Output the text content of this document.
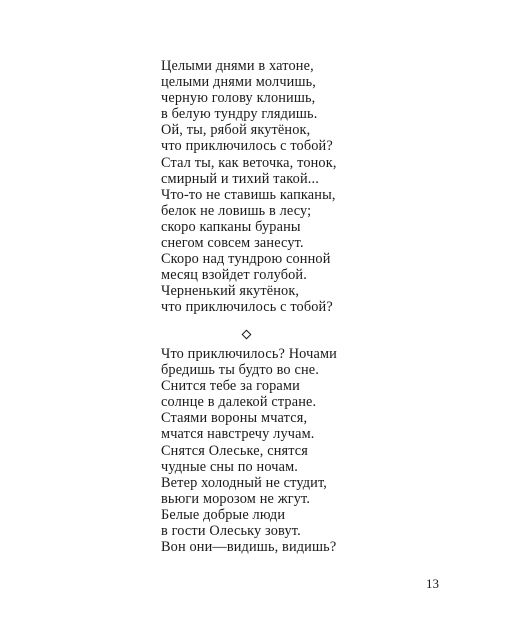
Целыми днями в хатоне,
целыми днями молчишь,
черную голову клонишь,
в белую тундру глядишь.
Ой, ты, рябой якутёнок,
что приключилось с тобой?
Стал ты, как веточка, тонок,
смирный и тихий такой...
Что-то не ставишь капканы,
белок не ловишь в лесу;
скоро капканы бураны
снегом совсем занесут.
Скоро над тундрою сонной
месяц взойдет голубой.
Черненький якутёнок,
что приключилось с тобой?
Что приключилось? Ночами
бредишь ты будто во сне.
Снится тебе за горами
солнце в далекой стране.
Стаями вороны мчатся,
мчатся навстречу лучам.
Снятся Олеське, снятся
чудные сны по ночам.
Ветер холодный не студит,
вьюги морозом не жгут.
Белые добрые люди
в гости Олеську зовут.
Вон они—видишь, видишь?
13
